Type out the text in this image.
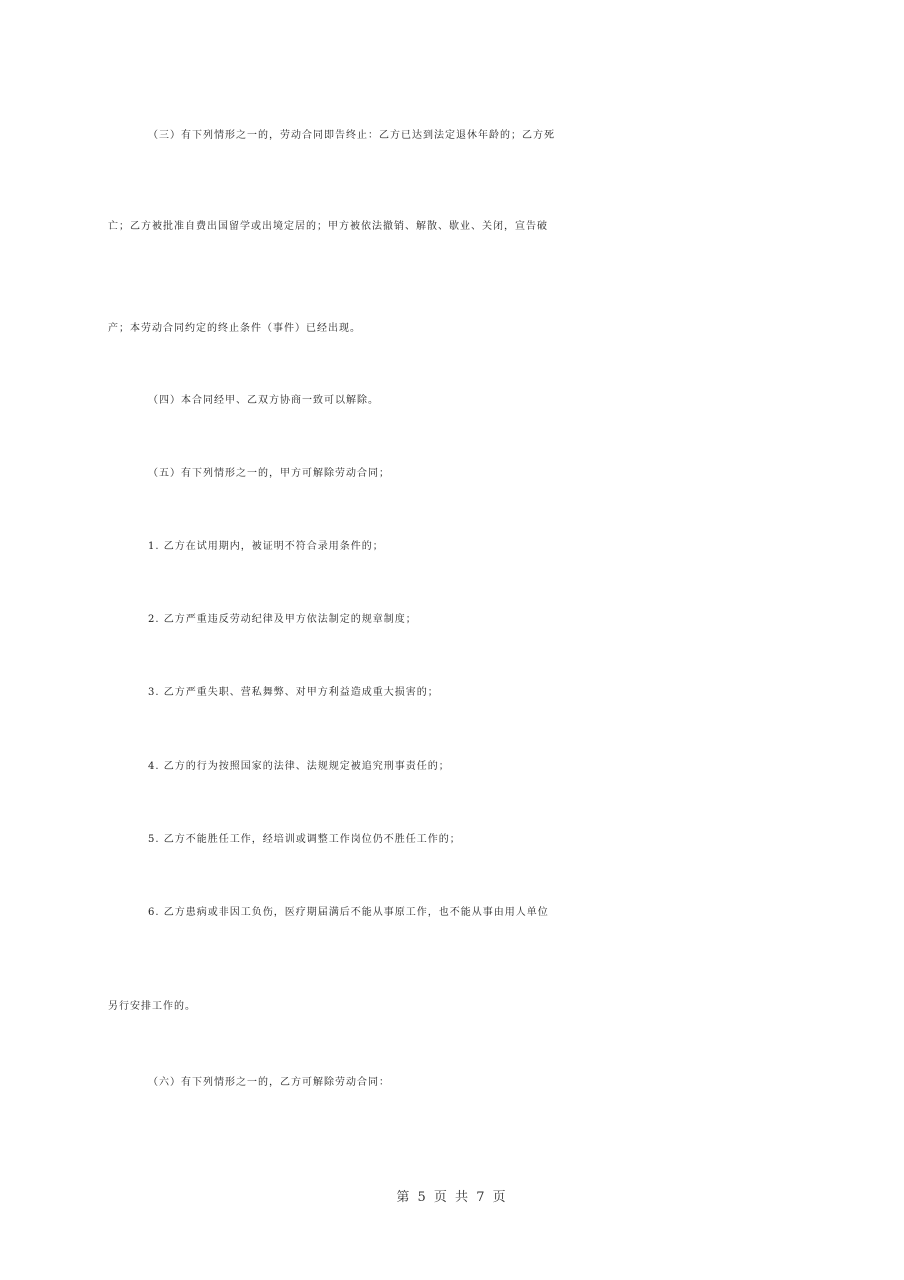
（三）有下列情形之一的，劳动合同即告终止：乙方已达到法定退休年龄的；乙方死
亡；乙方被批准自费出国留学或出境定居的；甲方被依法撤销、解散、歇业、关闭，宣告破
产；本劳动合同约定的终止条件（事件）已经出现。
（四）本合同经甲、乙双方协商一致可以解除。
（五）有下列情形之一的，甲方可解除劳动合同；
1. 乙方在试用期内，被证明不符合录用条件的；
2. 乙方严重违反劳动纪律及甲方依法制定的规章制度；
3. 乙方严重失职、营私舞弊、对甲方利益造成重大损害的；
4. 乙方的行为按照国家的法律、法规规定被追究刑事责任的；
5. 乙方不能胜任工作，经培训或调整工作岗位仍不胜任工作的；
6. 乙方患病或非因工负伤，医疗期届满后不能从事原工作，也不能从事由用人单位
另行安排工作的。
（六）有下列情形之一的，乙方可解除劳动合同：
第 5 页 共 7 页
